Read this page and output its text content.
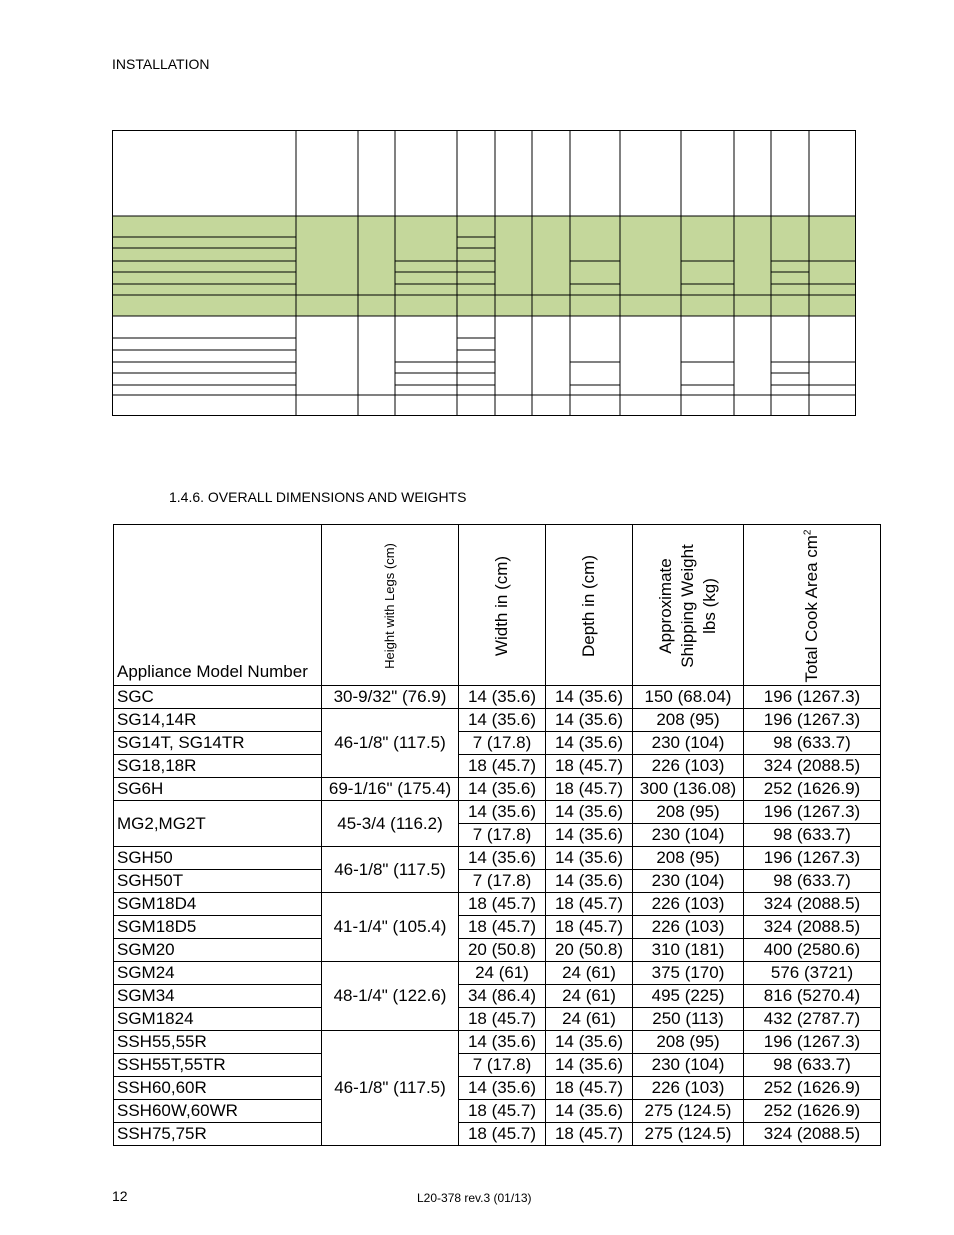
INSTALLATION
1.4.6. OVERALL DIMENSIONS AND WEIGHTS
Appliance Model Number	Height with Legs (cm)	Width in (cm)	Depth in (cm)	Approximate Shipping Weight lbs (kg)	Total Cook Area $cm^2$

SGC	30-9/32" (76.9)	14 (35.6)	14 (35.6)	150 (68.04)	196 (1267.3)
SG14,14R	46-1/8" (117.5)	14 (35.6)	14 (35.6)	208 (95)	196 (1267.3)
SG14T, SG14TR		7 (17.8)	14 (35.6)	230 (104)	98 (633.7)
SG18,18R		18 (45.7)	18 (45.7)	226 (103)	324 (2088.5)
SG6H	69-1/16" (175.4)	14 (35.6)	18 (45.7)	300 (136.08)	252 (1626.9)
MG2,MG2T	45-3/4 (116.2)	14 (35.6)	14 (35.6)	208 (95)	196 (1267.3)
		7 (17.8)	14 (35.6)	230 (104)	98 (633.7)
SGH50	46-1/8" (117.5)	14 (35.6)	14 (35.6)	208 (95)	196 (1267.3)
SGH50T		7 (17.8)	14 (35.6)	230 (104)	98 (633.7)
SGM18D4	41-1/4" (105.4)	18 (45.7)	18 (45.7)	226 (103)	324 (2088.5)
SGM18D5		18 (45.7)	18 (45.7)	226 (103)	324 (2088.5)
SGM20		20 (50.8)	20 (50.8)	310 (181)	400 (2580.6)
SGM24	48-1/4" (122.6)	24 (61)	24 (61)	375 (170)	576 (3721)
SGM34		34 (86.4)	24 (61)	495 (225)	816 (5270.4)
SGM1824		18 (45.7)	24 (61)	250 (113)	432 (2787.7)
SSH55,55R	46-1/8" (117.5)	14 (35.6)	14 (35.6)	208 (95)	196 (1267.3)
SSH55T,55TR		7 (17.8)	14 (35.6)	230 (104)	98 (633.7)
SSH60,60R		14 (35.6)	18 (45.7)	226 (103)	252 (1626.9)
SSH60W,60WR		18 (45.7)	14 (35.6)	275 (124.5)	252 (1626.9)
SSH75,75R		18 (45.7)	18 (45.7)	275 (124.5)	324 (2088.5)
12	L20-378 rev.3 (01/13)
